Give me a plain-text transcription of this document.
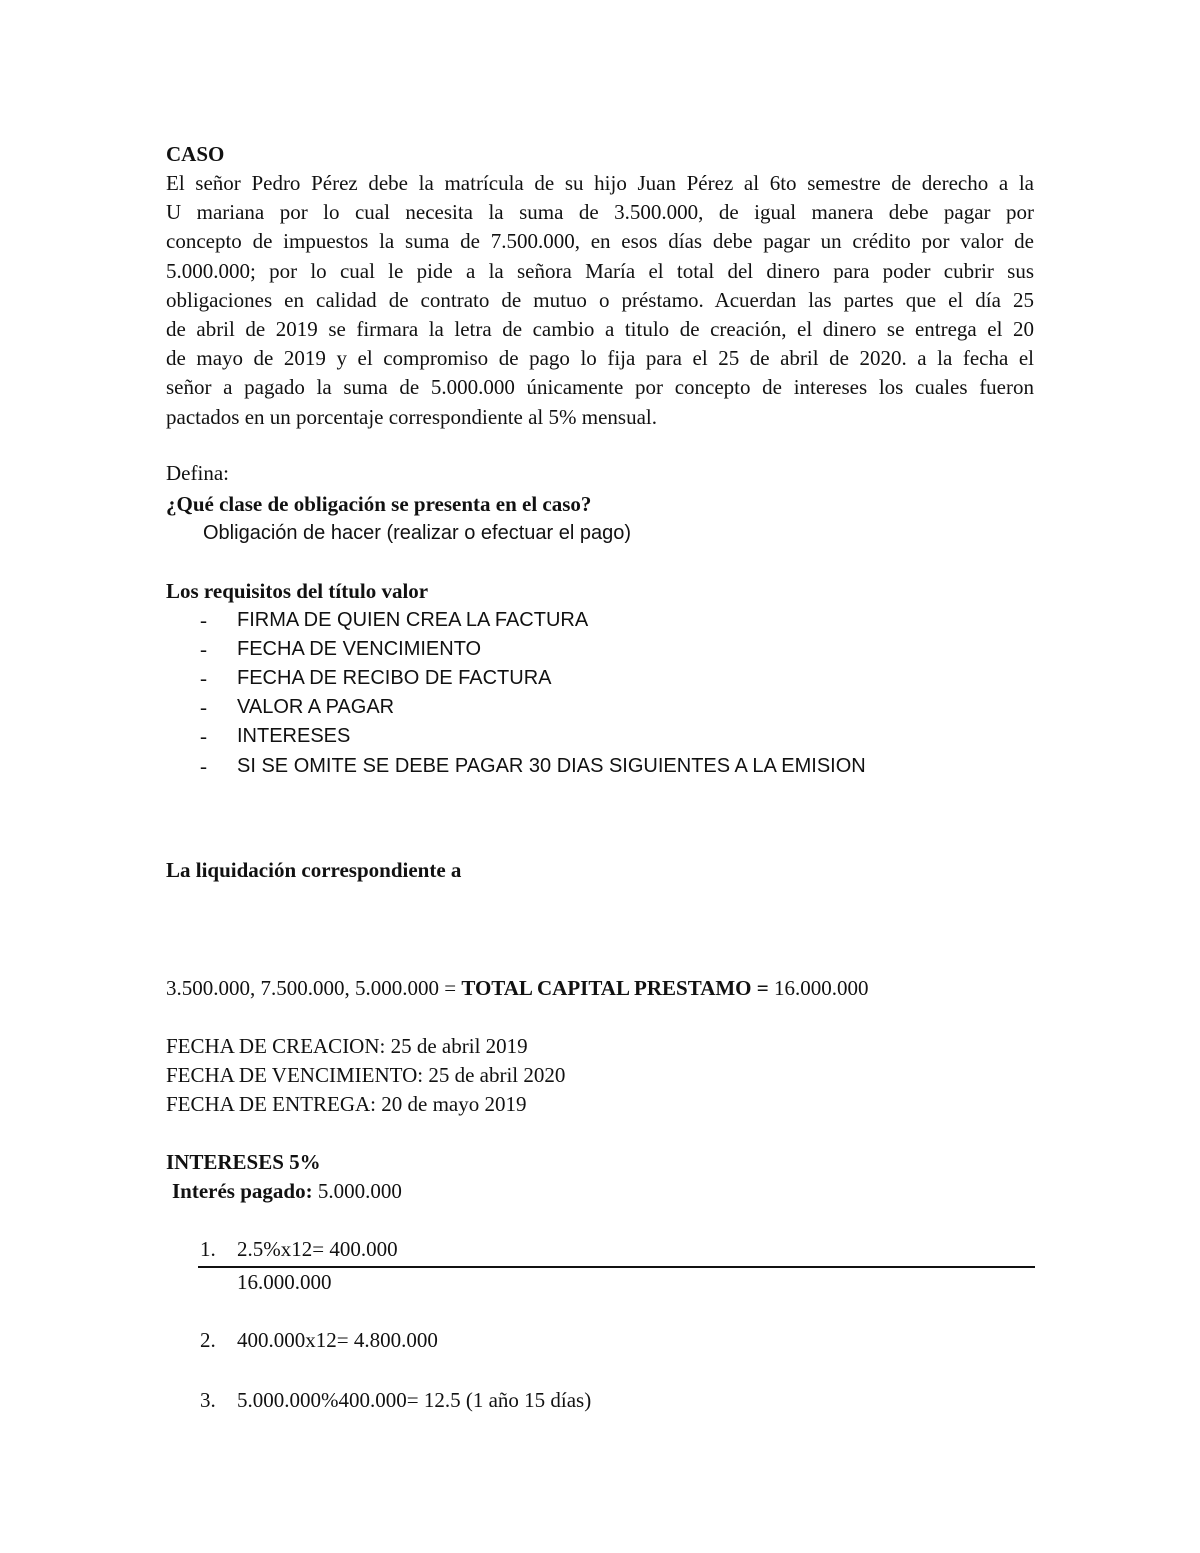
CASO
El señor Pedro Pérez debe la matrícula de su hijo Juan Pérez al 6to semestre de derecho a la
U mariana por lo cual necesita la suma de 3.500.000, de igual manera debe pagar por
concepto de impuestos la suma de 7.500.000, en esos días debe pagar un crédito por valor de
5.000.000; por lo cual le pide a la señora María el total del dinero para poder cubrir sus
obligaciones en calidad de contrato de mutuo o préstamo. Acuerdan las partes que el día 25
de abril de 2019 se firmara la letra de cambio a titulo de creación, el dinero se entrega el 20
de mayo de 2019 y el compromiso de pago lo fija para el 25 de abril de 2020. a la fecha el
señor a pagado la suma de 5.000.000 únicamente por concepto de intereses los cuales fueron
pactados en un porcentaje correspondiente al 5% mensual.
Defina:
¿Qué clase de obligación se presenta en el caso?
Obligación de hacer (realizar o efectuar el pago)
Los requisitos del título valor
- FIRMA DE QUIEN CREA LA FACTURA
- FECHA DE VENCIMIENTO
- FECHA DE RECIBO DE FACTURA
- VALOR A PAGAR
- INTERESES
- SI SE OMITE SE DEBE PAGAR 30 DIAS SIGUIENTES A LA EMISION
La liquidación correspondiente a
3.500.000, 7.500.000, 5.000.000 = TOTAL CAPITAL PRESTAMO = 16.000.000
FECHA DE CREACION: 25 de abril 2019
FECHA DE VENCIMIENTO: 25 de abril 2020
FECHA DE ENTREGA: 20 de mayo 2019
INTERESES 5%
Interés pagado: 5.000.000
1. 2.5%x12= 400.000
16.000.000
2. 400.000x12= 4.800.000
3. 5.000.000%400.000= 12.5 (1 año 15 días)
